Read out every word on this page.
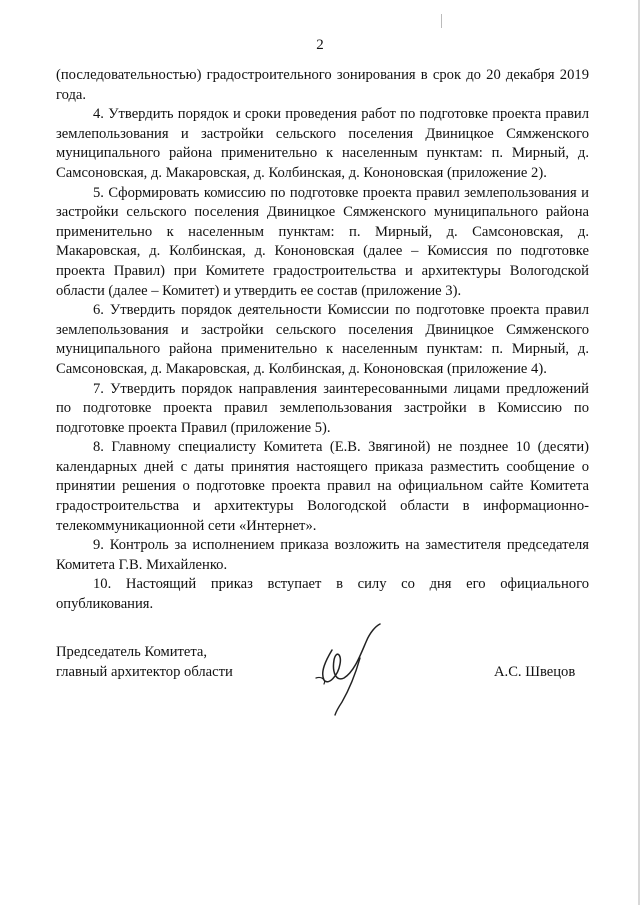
2

(последовательностью) градостроительного зонирования в срок до 20 декабря 2019 года.

4. Утвердить порядок и сроки проведения работ по подготовке проекта правил землепользования и застройки сельского поселения Двиницкое Сямженского муниципального района применительно к населенным пунктам: п. Мирный, д. Самсоновская, д. Макаровская, д. Колбинская, д. Кононовская (приложение 2).

5. Сформировать комиссию по подготовке проекта правил землепользования и застройки сельского поселения Двиницкое Сямженского муниципального района применительно к населенным пунктам: п. Мирный, д. Самсоновская, д. Макаровская, д. Колбинская, д. Кононовская (далее – Комиссия по подготовке проекта Правил) при Комитете градостроительства и архитектуры Вологодской области (далее – Комитет) и утвердить ее состав (приложение 3).

6. Утвердить порядок деятельности Комиссии по подготовке проекта правил землепользования и застройки сельского поселения Двиницкое Сямженского муниципального района применительно к населенным пунктам: п. Мирный, д. Самсоновская, д. Макаровская, д. Колбинская, д. Кононовская (приложение 4).

7. Утвердить порядок направления заинтересованными лицами предложений по подготовке проекта правил землепользования застройки в Комиссию по подготовке проекта Правил (приложение 5).

8. Главному специалисту Комитета (Е.В. Звягиной) не позднее 10 (десяти) календарных дней с даты принятия настоящего приказа разместить сообщение о принятии решения о подготовке проекта правил на официальном сайте Комитета градостроительства и архитектуры Вологодской области в информационно-телекоммуникационной сети «Интернет».

9. Контроль за исполнением приказа возложить на заместителя председателя Комитета Г.В. Михайленко.

10. Настоящий приказ вступает в силу со дня его официального опубликования.

Председатель Комитета,
главный архитектор области	А.С. Швецов
